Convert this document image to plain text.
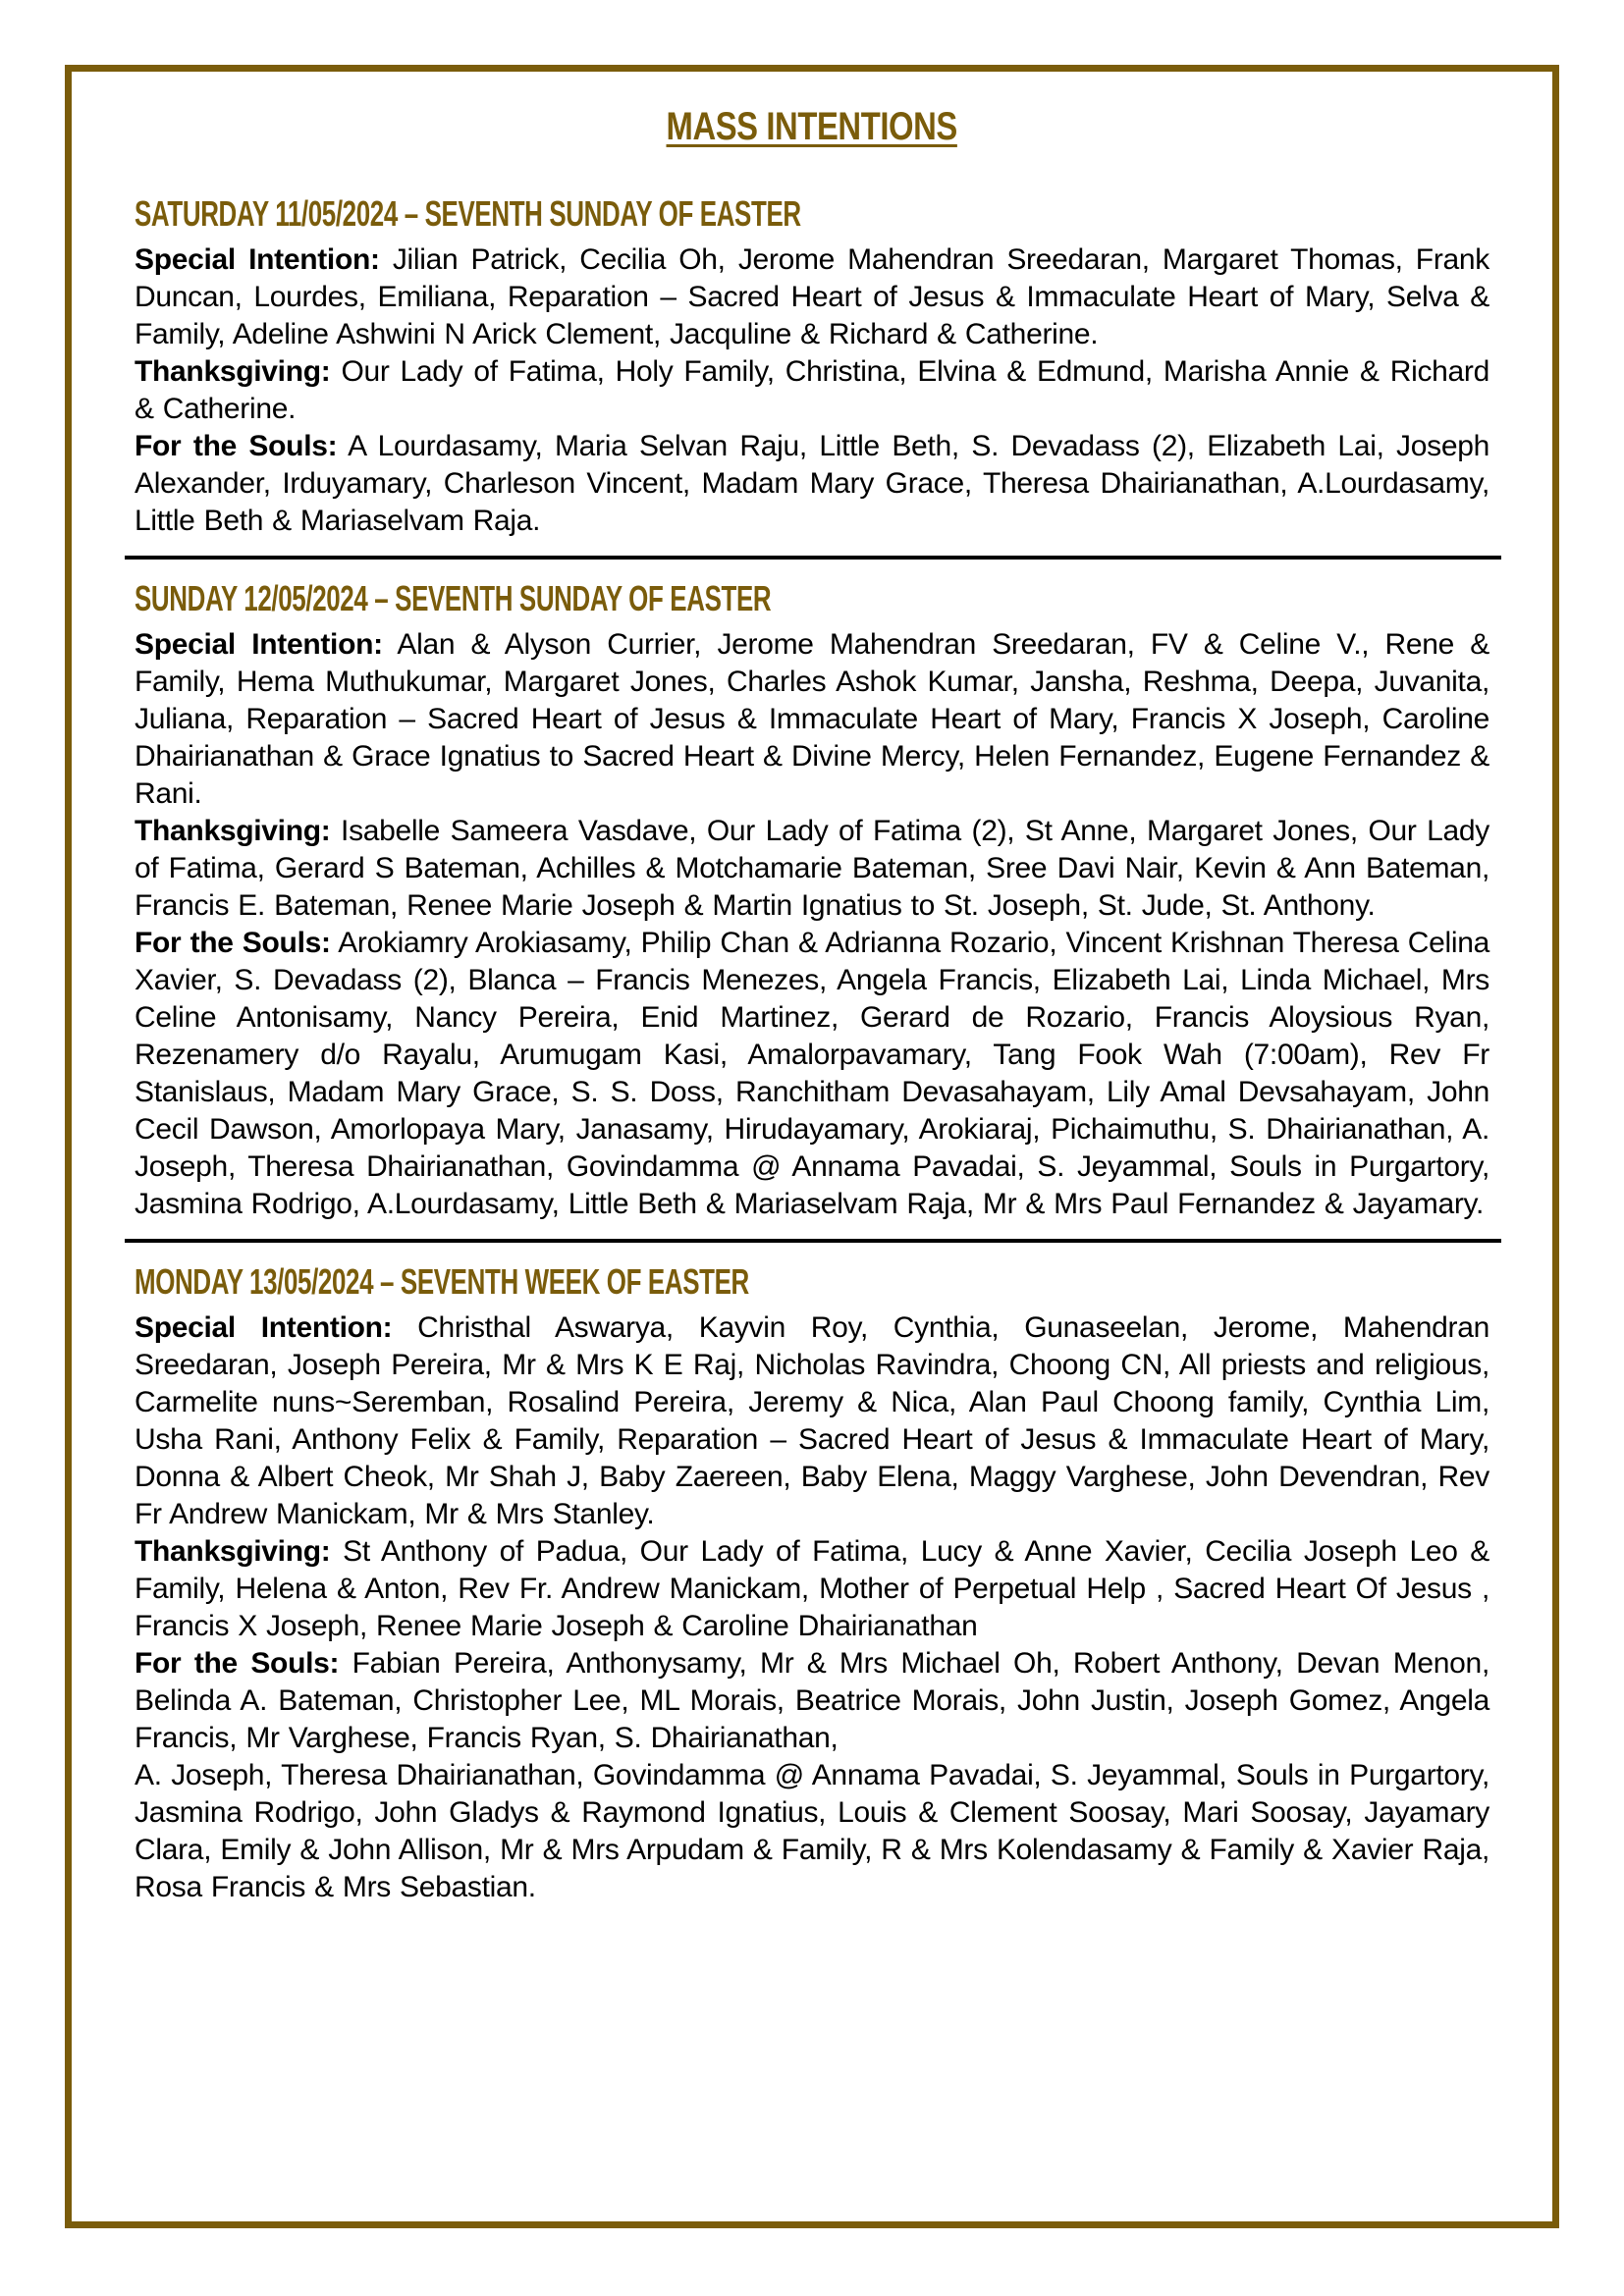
MASS INTENTIONS
SATURDAY 11/05/2024 – SEVENTH SUNDAY OF EASTER

Special Intention: Jilian Patrick, Cecilia Oh, Jerome Mahendran Sreedaran, Margaret Thomas, Frank Duncan, Lourdes, Emiliana, Reparation – Sacred Heart of Jesus & Immaculate Heart of Mary, Selva & Family, Adeline Ashwini N Arick Clement, Jacquline & Richard & Catherine.

Thanksgiving: Our Lady of Fatima, Holy Family, Christina, Elvina & Edmund, Marisha Annie & Richard & Catherine.

For the Souls: A Lourdasamy, Maria Selvan Raju, Little Beth, S. Devadass (2), Elizabeth Lai, Joseph Alexander, Irduyamary, Charleson Vincent, Madam Mary Grace, Theresa Dhairianathan, A.Lourdasamy, Little Beth & Mariaselvam Raja.

SUNDAY 12/05/2024 – SEVENTH SUNDAY OF EASTER

Special Intention: Alan & Alyson Currier, Jerome Mahendran Sreedaran, FV & Celine V., Rene & Family, Hema Muthukumar, Margaret Jones, Charles Ashok Kumar, Jansha, Reshma, Deepa, Juvanita, Juliana, Reparation – Sacred Heart of Jesus & Immaculate Heart of Mary, Francis X Joseph, Caroline Dhairianathan & Grace Ignatius to Sacred Heart & Divine Mercy, Helen Fernandez, Eugene Fernandez & Rani.

Thanksgiving: Isabelle Sameera Vasdave, Our Lady of Fatima (2), St Anne, Margaret Jones, Our Lady of Fatima, Gerard S Bateman, Achilles & Motchamarie Bateman, Sree Davi Nair, Kevin & Ann Bateman, Francis E. Bateman, Renee Marie Joseph & Martin Ignatius to St. Joseph, St. Jude, St. Anthony.

For the Souls: Arokiamry Arokiasamy, Philip Chan & Adrianna Rozario, Vincent Krishnan Theresa Celina Xavier, S. Devadass (2), Blanca – Francis Menezes, Angela Francis, Elizabeth Lai, Linda Michael, Mrs Celine Antonisamy, Nancy Pereira, Enid Martinez, Gerard de Rozario, Francis Aloysious Ryan, Rezenamery d/o Rayalu, Arumugam Kasi, Amalorpavamary, Tang Fook Wah (7:00am), Rev Fr Stanislaus, Madam Mary Grace, S. S. Doss, Ranchitham Devasahayam, Lily Amal Devsahayam, John Cecil Dawson, Amorlopaya Mary, Janasamy, Hirudayamary, Arokiaraj, Pichaimuthu, S. Dhairianathan, A. Joseph, Theresa Dhairianathan, Govindamma @ Annama Pavadai, S. Jeyammal, Souls in Purgartory, Jasmina Rodrigo, A.Lourdasamy, Little Beth & Mariaselvam Raja, Mr & Mrs Paul Fernandez & Jayamary.

MONDAY 13/05/2024 – SEVENTH WEEK OF EASTER

Special Intention: Christhal Aswarya, Kayvin Roy, Cynthia, Gunaseelan, Jerome, Mahendran Sreedaran, Joseph Pereira, Mr & Mrs K E Raj, Nicholas Ravindra, Choong CN, All priests and religious, Carmelite nuns~Seremban, Rosalind Pereira, Jeremy & Nica, Alan Paul Choong family, Cynthia Lim, Usha Rani, Anthony Felix & Family, Reparation – Sacred Heart of Jesus & Immaculate Heart of Mary, Donna & Albert Cheok, Mr Shah J, Baby Zaereen, Baby Elena, Maggy Varghese, John Devendran, Rev Fr Andrew Manickam, Mr & Mrs Stanley.

Thanksgiving: St Anthony of Padua, Our Lady of Fatima, Lucy & Anne Xavier, Cecilia Joseph Leo & Family, Helena & Anton, Rev Fr. Andrew Manickam, Mother of Perpetual Help , Sacred Heart Of Jesus , Francis X Joseph, Renee Marie Joseph & Caroline Dhairianathan

For the Souls: Fabian Pereira, Anthonysamy, Mr & Mrs Michael Oh, Robert Anthony, Devan Menon, Belinda A. Bateman, Christopher Lee, ML Morais, Beatrice Morais, John Justin, Joseph Gomez, Angela Francis, Mr Varghese, Francis Ryan, S. Dhairianathan,

A. Joseph, Theresa Dhairianathan, Govindamma @ Annama Pavadai, S. Jeyammal, Souls in Purgartory, Jasmina Rodrigo, John Gladys & Raymond Ignatius, Louis & Clement Soosay, Mari Soosay, Jayamary Clara, Emily & John Allison, Mr & Mrs Arpudam & Family, R & Mrs Kolendasamy & Family & Xavier Raja, Rosa Francis & Mrs Sebastian.
